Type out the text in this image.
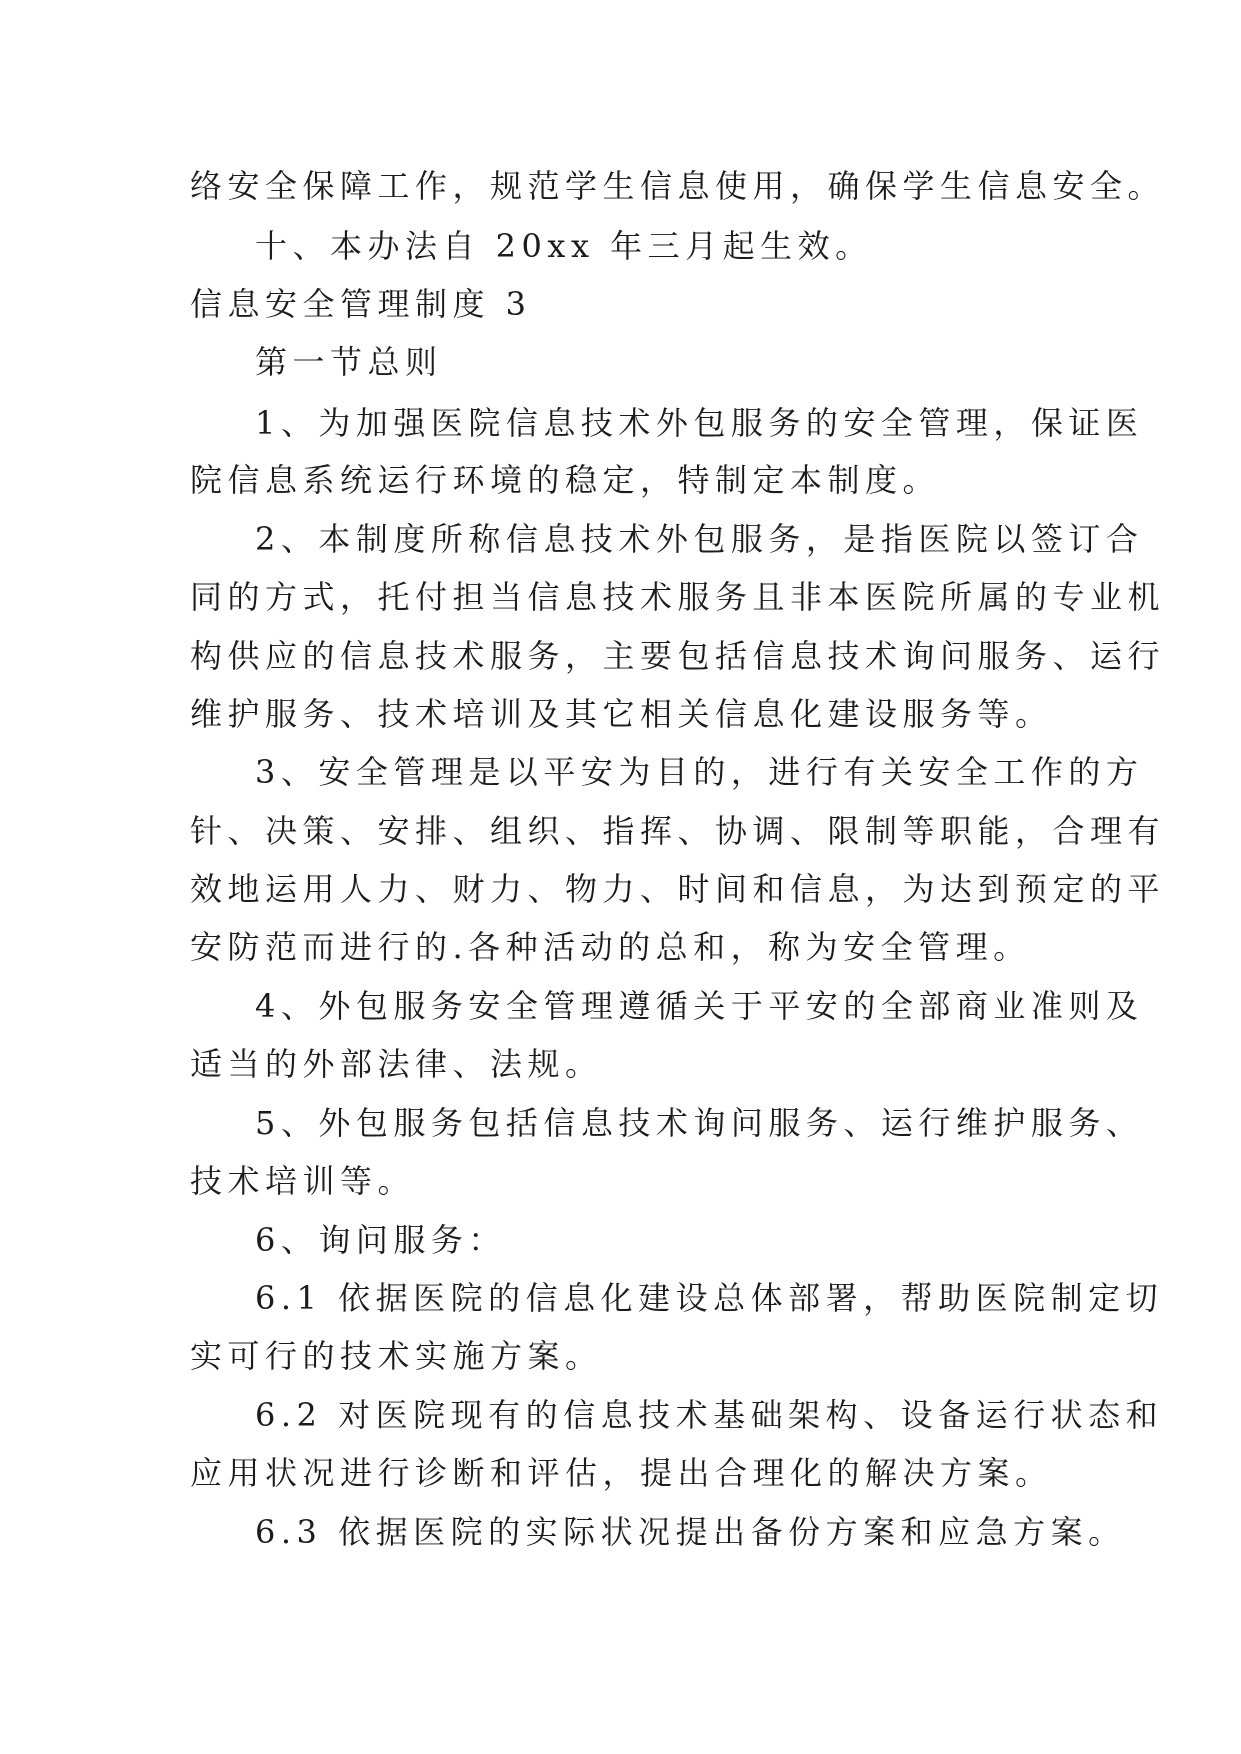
络安全保障工作，规范学生信息使用，确保学生信息安全。
十、本办法自 20xx 年三月起生效。
信息安全管理制度 3
第一节总则
1、为加强医院信息技术外包服务的安全管理，保证医
院信息系统运行环境的稳定，特制定本制度。
2、本制度所称信息技术外包服务，是指医院以签订合
同的方式，托付担当信息技术服务且非本医院所属的专业机
构供应的信息技术服务，主要包括信息技术询问服务、运行
维护服务、技术培训及其它相关信息化建设服务等。
3、安全管理是以平安为目的，进行有关安全工作的方
针、决策、安排、组织、指挥、协调、限制等职能，合理有
效地运用人力、财力、物力、时间和信息，为达到预定的平
安防范而进行的.各种活动的总和，称为安全管理。
4、外包服务安全管理遵循关于平安的全部商业准则及
适当的外部法律、法规。
5、外包服务包括信息技术询问服务、运行维护服务、
技术培训等。
6、询问服务：
6.1 依据医院的信息化建设总体部署，帮助医院制定切
实可行的技术实施方案。
6.2 对医院现有的信息技术基础架构、设备运行状态和
应用状况进行诊断和评估，提出合理化的解决方案。
6.3 依据医院的实际状况提出备份方案和应急方案。
